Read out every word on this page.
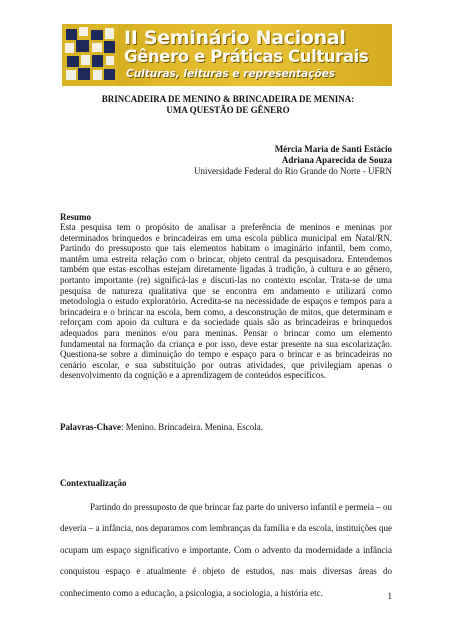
II Seminário Nacional
Gênero e Práticas Culturais
Culturas, leituras e representações
BRINCADEIRA DE MENINO & BRINCADEIRA DE MENINA:
UMA QUESTÃO DE GÊNERO
Mércia Maria de Santi Estácio
Adriana Aparecida de Souza
Universidade Federal do Rio Grande do Norte - UFRN
Resumo
Esta pesquisa tem o propósito de analisar a preferência de meninos e meninas por determinados brinquedos e brincadeiras em uma escola pública municipal em Natal/RN. Partindo do pressuposto que tais elementos habitam o imaginário infantil, bem como, mantêm uma estreita relação com o brincar, objeto central da pesquisadora. Entendemos também que estas escolhas estejam diretamente ligadas à tradição, à cultura e ao gênero, portanto importante (re) significá-las e discuti-las no contexto escolar. Trata-se de uma pesquisa de natureza qualitativa que se encontra em andamento e utilizará como metodologia o estudo exploratório. Acredita-se na necessidade de espaços e tempos para a brincadeira e o brincar na escola, bem como, a desconstrução de mitos, que determinam e reforçam com apoio da cultura e da sociedade quais são as brincadeiras e brinquedos adequados para meninos e/ou para meninas. Pensar o brincar como um elemento fundamental na formação da criança e por isso, deve estar presente na sua escolarização. Questiona-se sobre a diminuição do tempo e espaço para o brincar e as brincadeiras no cenário escolar, e sua substituição por outras atividades, que privilegiam apenas o desenvolvimento da cognição e a aprendizagem de conteúdos específicos.
Palavras-Chave: Menino. Brincadeira. Menina. Escola.
Contextualização
Partindo do pressuposto de que brincar faz parte do universo infantil e permeia – ou deveria – a infância, nos deparamos com lembranças da família e da escola, instituições que ocupam um espaço significativo e importante. Com o advento da modernidade a infância conquistou espaço e atualmente é objeto de estudos, nas mais diversas áreas do conhecimento como a educação, a psicologia, a sociologia, a história etc.	1
